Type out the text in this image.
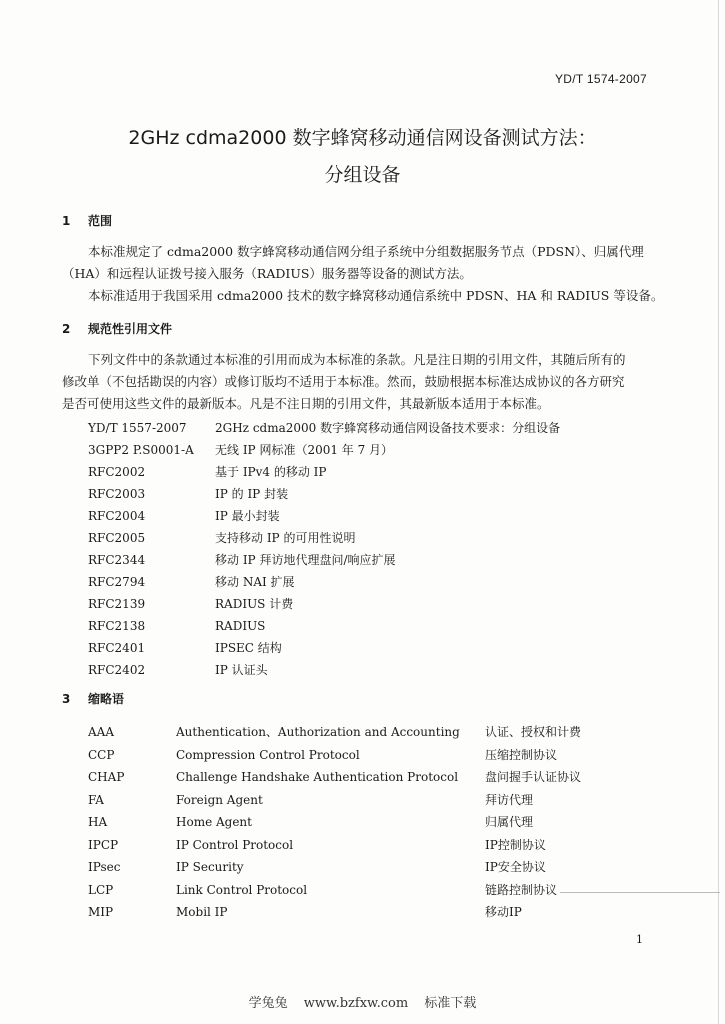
YD/T 1574-2007
2GHz cdma2000 数字蜂窝移动通信网设备测试方法：
分组设备
1 范围
本标准规定了 cdma2000 数字蜂窝移动通信网分组子系统中分组数据服务节点（PDSN）、归属代理
（HA）和远程认证拨号接入服务（RADIUS）服务器等设备的测试方法。
本标准适用于我国采用 cdma2000 技术的数字蜂窝移动通信系统中 PDSN、HA 和 RADIUS 等设备。
2 规范性引用文件
下列文件中的条款通过本标准的引用而成为本标准的条款。凡是注日期的引用文件，其随后所有的
修改单（不包括勘误的内容）或修订版均不适用于本标准。然而，鼓励根据本标准达成协议的各方研究
是否可使用这些文件的最新版本。凡是不注日期的引用文件，其最新版本适用于本标准。
YD/T 1557-2007 2GHz cdma2000 数字蜂窝移动通信网设备技术要求：分组设备
3GPP2 P.S0001-A 无线 IP 网标准（2001 年 7 月）
RFC2002	基于 IPv4 的移动 IP
RFC2003	IP 的 IP 封装
RFC2004	IP 最小封装
RFC2005	支持移动 IP 的可用性说明
RFC2344	移动 IP 拜访地代理盘问/响应扩展
RFC2794	移动 NAI 扩展
RFC2139	RADIUS 计费
RFC2138	RADIUS
RFC2401	IPSEC 结构
RFC2402	IP 认证头
3 缩略语
AAA	Authentication、Authorization and Accounting 认证、授权和计费
CCP	Compression Control Protocol	压缩控制协议
CHAP	Challenge Handshake Authentication Protocol 盘问握手认证协议
FA	Foreign Agent	拜访代理
HA	Home Agent	归属代理
IPCP	IP Control Protocol	IP控制协议
IPsec	IP Security	IP安全协议
LCP	Link Control Protocol	链路控制协议
MIP	Mobil IP	移动IP
1
学兔兔 www.bzfxw.com 标准下载
